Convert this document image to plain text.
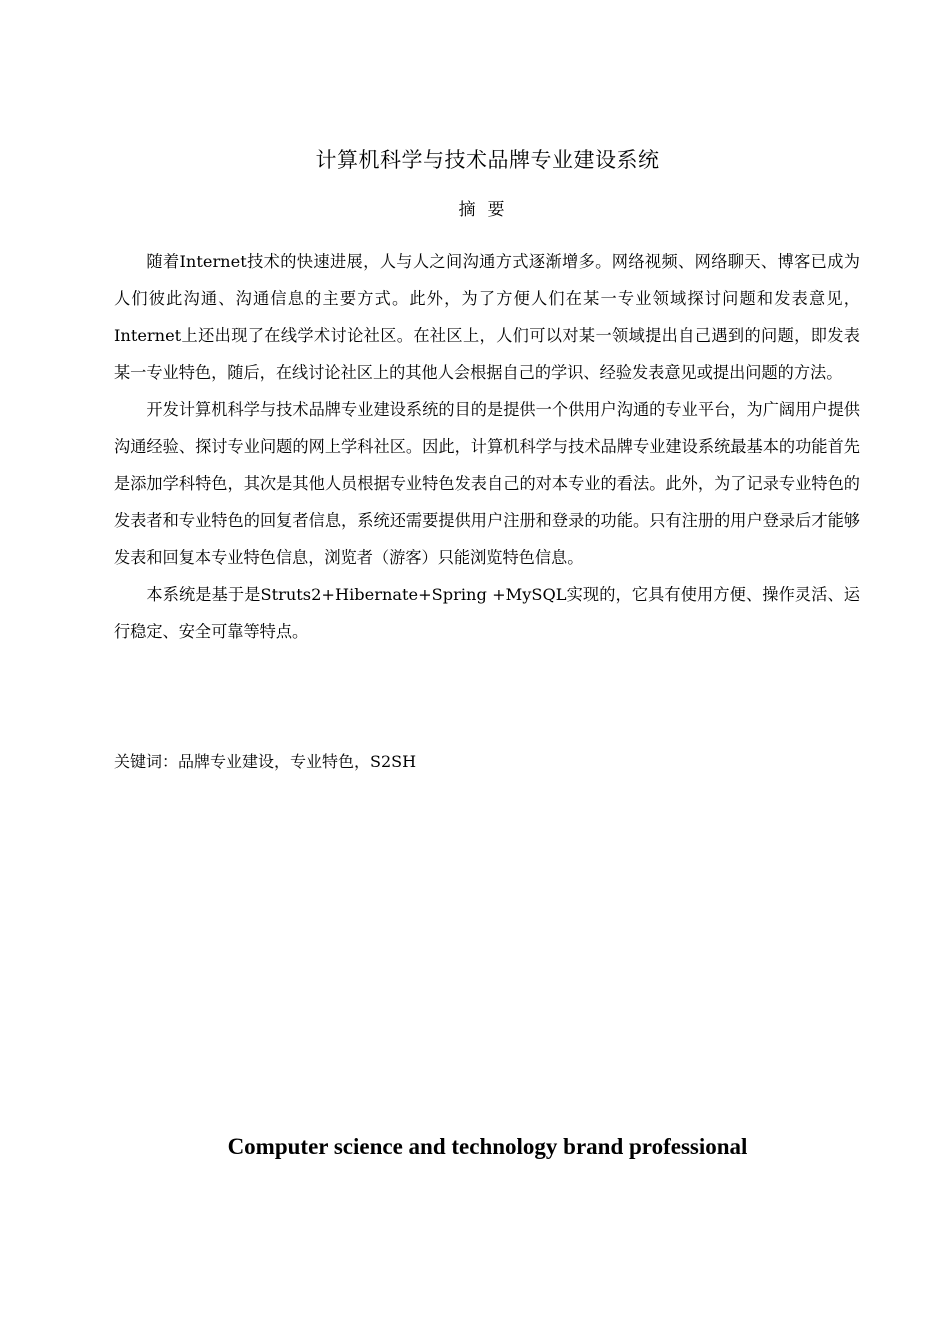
计算机科学与技术品牌专业建设系统
摘要

随着Internet技术的快速进展，人与人之间沟通方式逐渐增多。网络视频、网络聊天、博客已成为人们彼此沟通、沟通信息的主要方式。此外，为了方便人们在某一专业领域探讨问题和发表意见，Internet上还出现了在线学术讨论社区。在社区上，人们可以对某一领域提出自己遇到的问题，即发表某一专业特色，随后，在线讨论社区上的其他人会根据自己的学识、经验发表意见或提出问题的方法。

开发计算机科学与技术品牌专业建设系统的目的是提供一个供用户沟通的专业平台，为广阔用户提供沟通经验、探讨专业问题的网上学科社区。因此，计算机科学与技术品牌专业建设系统最基本的功能首先是添加学科特色，其次是其他人员根据专业特色发表自己的对本专业的看法。此外，为了记录专业特色的发表者和专业特色的回复者信息，系统还需要提供用户注册和登录的功能。只有注册的用户登录后才能够发表和回复本专业特色信息，浏览者（游客）只能浏览特色信息。

本系统是基于是Struts2+Hibernate+Spring +MySQL实现的，它具有使用方便、操作灵活、运行稳定、安全可靠等特点。

关键词：品牌专业建设，专业特色，S2SH

Computer science and technology brand professional
